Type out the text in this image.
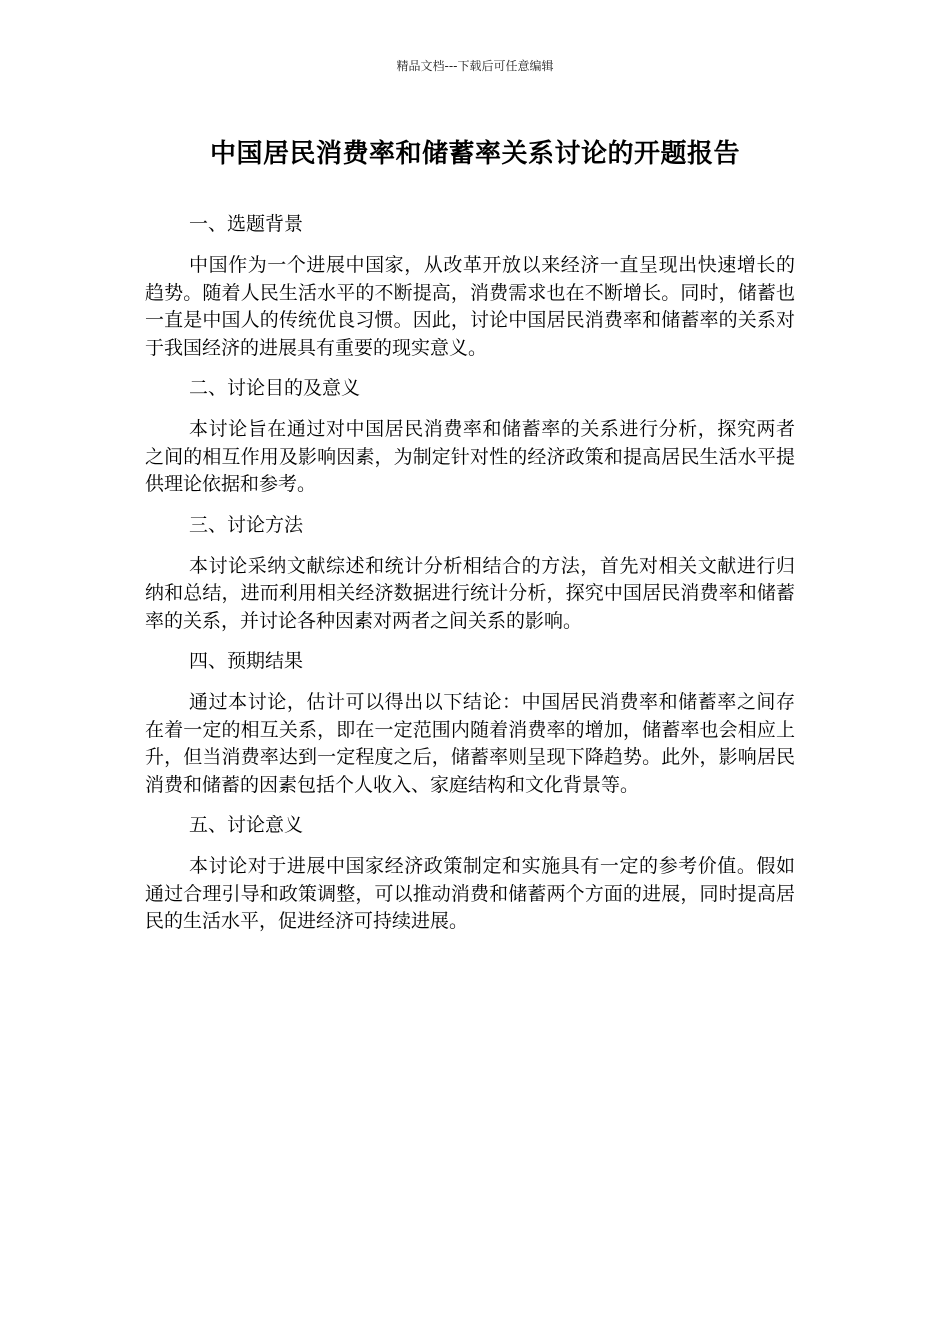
精品文档---下载后可任意编辑
中国居民消费率和储蓄率关系讨论的开题报告

一、选题背景

中国作为一个进展中国家，从改革开放以来经济一直呈现出快速增长的趋势。随着人民生活水平的不断提高，消费需求也在不断增长。同时，储蓄也一直是中国人的传统优良习惯。因此，讨论中国居民消费率和储蓄率的关系对于我国经济的进展具有重要的现实意义。

二、讨论目的及意义

本讨论旨在通过对中国居民消费率和储蓄率的关系进行分析，探究两者之间的相互作用及影响因素，为制定针对性的经济政策和提高居民生活水平提供理论依据和参考。

三、讨论方法

本讨论采纳文献综述和统计分析相结合的方法，首先对相关文献进行归纳和总结，进而利用相关经济数据进行统计分析，探究中国居民消费率和储蓄率的关系，并讨论各种因素对两者之间关系的影响。

四、预期结果

通过本讨论，估计可以得出以下结论：中国居民消费率和储蓄率之间存在着一定的相互关系，即在一定范围内随着消费率的增加，储蓄率也会相应上升，但当消费率达到一定程度之后，储蓄率则呈现下降趋势。此外，影响居民消费和储蓄的因素包括个人收入、家庭结构和文化背景等。

五、讨论意义

本讨论对于进展中国家经济政策制定和实施具有一定的参考价值。假如通过合理引导和政策调整，可以推动消费和储蓄两个方面的进展，同时提高居民的生活水平，促进经济可持续进展。
